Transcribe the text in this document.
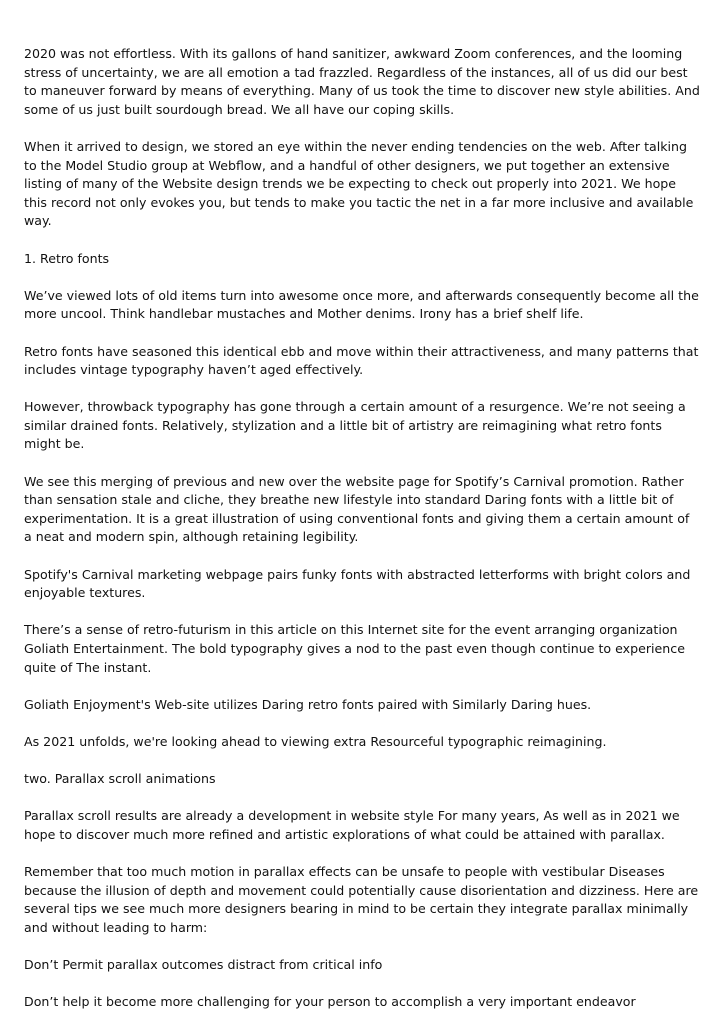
2020 was not effortless. With its gallons of hand sanitizer, awkward Zoom conferences, and the looming stress of uncertainty, we are all emotion a tad frazzled. Regardless of the instances, all of us did our best to maneuver forward by means of everything. Many of us took the time to discover new style abilities. And some of us just built sourdough bread. We all have our coping skills.

When it arrived to design, we stored an eye within the never ending tendencies on the web. After talking to the Model Studio group at Webflow, and a handful of other designers, we put together an extensive listing of many of the Website design trends we be expecting to check out properly into 2021. We hope this record not only evokes you, but tends to make you tactic the net in a far more inclusive and available way.

1. Retro fonts

We’ve viewed lots of old items turn into awesome once more, and afterwards consequently become all the more uncool. Think handlebar mustaches and Mother denims. Irony has a brief shelf life.

Retro fonts have seasoned this identical ebb and move within their attractiveness, and many patterns that includes vintage typography haven’t aged effectively.

However, throwback typography has gone through a certain amount of a resurgence. We’re not seeing a similar drained fonts. Relatively, stylization and a little bit of artistry are reimagining what retro fonts might be.

We see this merging of previous and new over the website page for Spotify’s Carnival promotion. Rather than sensation stale and cliche, they breathe new lifestyle into standard Daring fonts with a little bit of experimentation. It is a great illustration of using conventional fonts and giving them a certain amount of a neat and modern spin, although retaining legibility.

Spotify's Carnival marketing webpage pairs funky fonts with abstracted letterforms with bright colors and enjoyable textures.

There’s a sense of retro-futurism in this article on this Internet site for the event arranging organization Goliath Entertainment. The bold typography gives a nod to the past even though continue to experience quite of The instant.

Goliath Enjoyment's Web-site utilizes Daring retro fonts paired with Similarly Daring hues.

As 2021 unfolds, we're looking ahead to viewing extra Resourceful typographic reimagining.

two. Parallax scroll animations

Parallax scroll results are already a development in website style For many years, As well as in 2021 we hope to discover much more refined and artistic explorations of what could be attained with parallax.

Remember that too much motion in parallax effects can be unsafe to people with vestibular Diseases because the illusion of depth and movement could potentially cause disorientation and dizziness. Here are several tips we see much more designers bearing in mind to be certain they integrate parallax minimally and without leading to harm:

Don’t Permit parallax outcomes distract from critical info

Don’t help it become more challenging for your person to accomplish a very important endeavor
